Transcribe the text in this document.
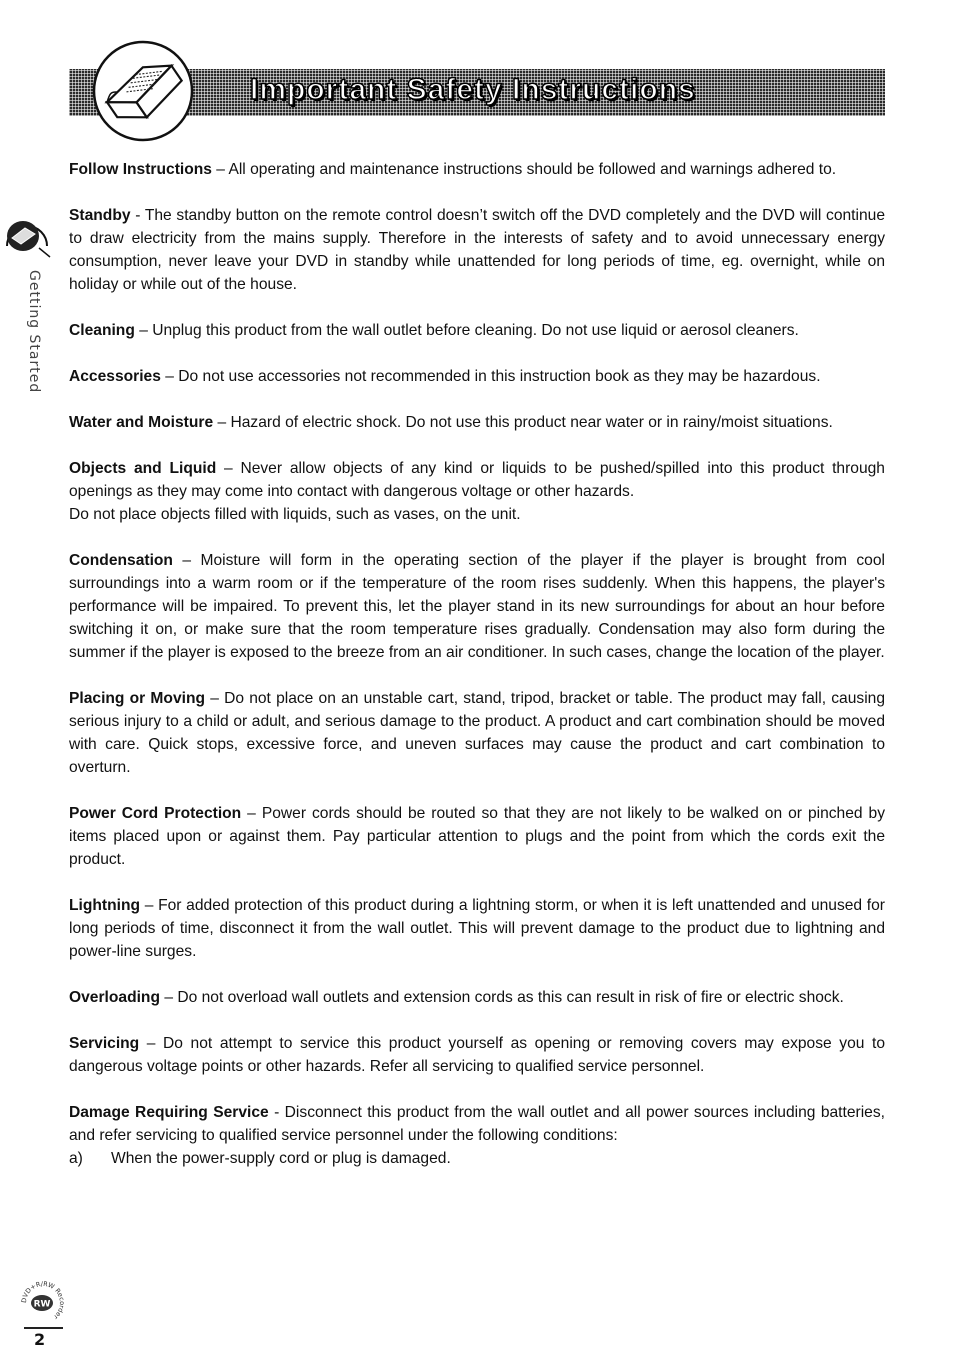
Important Safety Instructions
Getting Started

Follow Instructions – All operating and maintenance instructions should be followed and warnings adhered to.

Standby - The standby button on the remote control doesn’t switch off the DVD completely and the DVD will continue to draw electricity from the mains supply. Therefore in the interests of safety and to avoid unnecessary energy consumption, never leave your DVD in standby while unattended for long periods of time, eg. overnight, while on holiday or while out of the house.

Cleaning – Unplug this product from the wall outlet before cleaning. Do not use liquid or aerosol cleaners.

Accessories – Do not use accessories not recommended in this instruction book as they may be hazardous.

Water and Moisture – Hazard of electric shock. Do not use this product near water or in rainy/moist situations.

Objects and Liquid – Never allow objects of any kind or liquids to be pushed/spilled into this product through openings as they may come into contact with dangerous voltage or other hazards.
Do not place objects filled with liquids, such as vases, on the unit.

Condensation – Moisture will form in the operating section of the player if the player is brought from cool surroundings into a warm room or if the temperature of the room rises suddenly. When this happens, the player's performance will be impaired. To prevent this, let the player stand in its new surroundings for about an hour before switching it on, or make sure that the room temperature rises gradually. Condensation may also form during the summer if the player is exposed to the breeze from an air conditioner. In such cases, change the location of the player.

Placing or Moving – Do not place on an unstable cart, stand, tripod, bracket or table. The product may fall, causing serious injury to a child or adult, and serious damage to the product. A product and cart combination should be moved with care. Quick stops, excessive force, and uneven surfaces may cause the product and cart combination to overturn.

Power Cord Protection – Power cords should be routed so that they are not likely to be walked on or pinched by items placed upon or against them. Pay particular attention to plugs and the point from which the cords exit the product.

Lightning – For added protection of this product during a lightning storm, or when it is left unattended and unused for long periods of time, disconnect it from the wall outlet. This will prevent damage to the product due to lightning and power-line surges.

Overloading – Do not overload wall outlets and extension cords as this can result in risk of fire or electric shock.

Servicing – Do not attempt to service this product yourself as opening or removing covers may expose you to dangerous voltage points or other hazards. Refer all servicing to qualified service personnel.

Damage Requiring Service - Disconnect this product from the wall outlet and all power sources including batteries, and refer servicing to qualified service personnel under the following conditions:
a) When the power-supply cord or plug is damaged.

DVD+R/RW Recorder
RW
2
